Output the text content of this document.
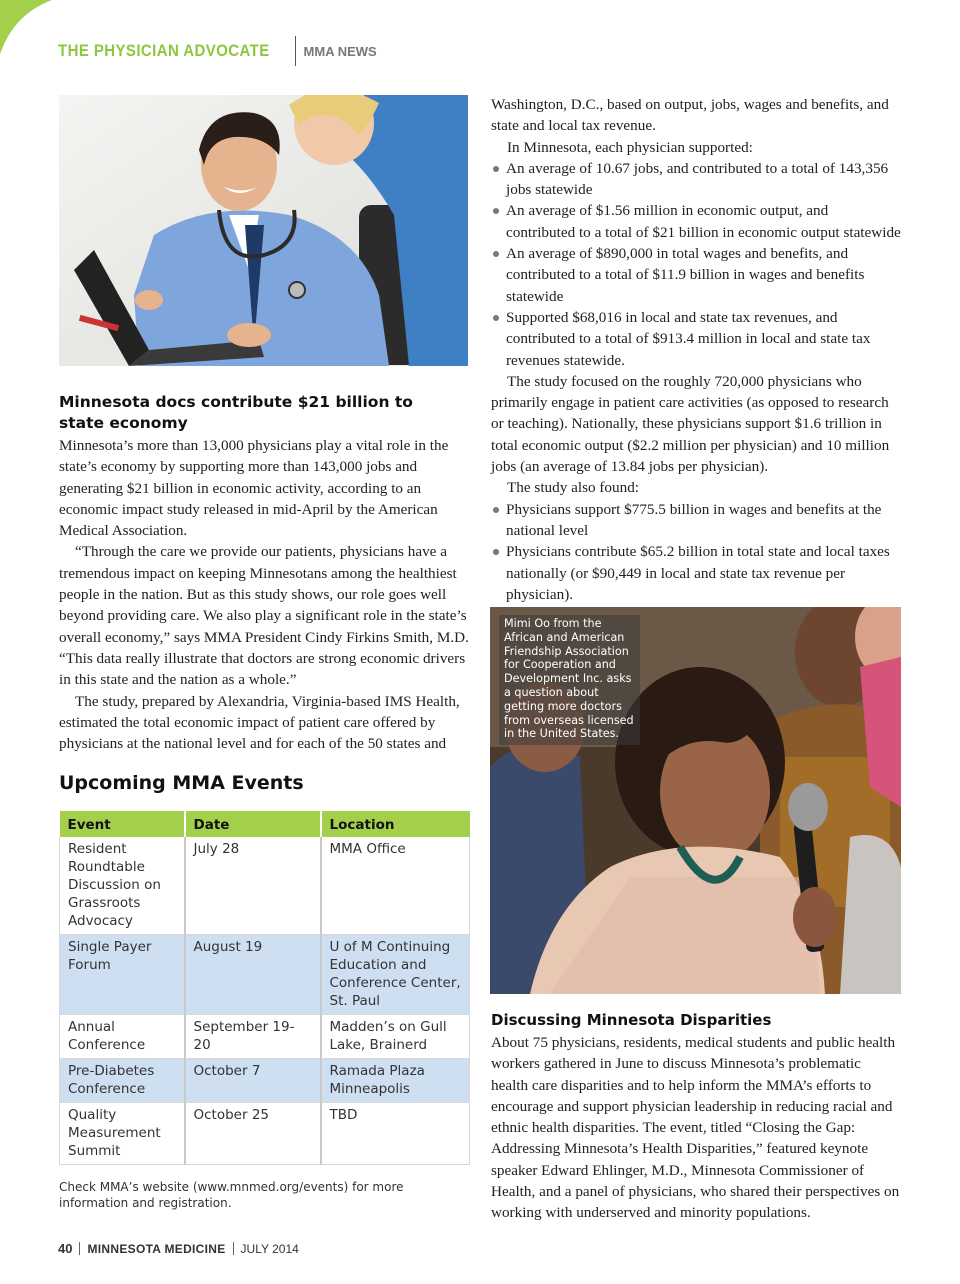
THE PHYSICIAN ADVOCATE	MMA NEWS
Minnesota docs contribute $21 billion to state economy

Minnesota’s more than 13,000 physicians play a vital role in the state’s economy by supporting more than 143,000 jobs and generating $21 billion in economic activity, according to an economic impact study released in mid-April by the American Medical Association.

“Through the care we provide our patients, physicians have a tremendous impact on keeping Minnesotans among the healthiest people in the nation. But as this study shows, our role goes well beyond providing care. We also play a significant role in the state’s overall economy,” says MMA President Cindy Firkins Smith, M.D. “This data really illustrate that doctors are strong economic drivers in this state and the nation as a whole.”

The study, prepared by Alexandria, Virginia-based IMS Health, estimated the total economic impact of patient care offered by physicians at the national level and for each of the 50 states and

Washington, D.C., based on output, jobs, wages and benefits, and state and local tax revenue.

In Minnesota, each physician supported:

An average of 10.67 jobs, and contributed to a total of 143,356 jobs statewide
An average of $1.56 million in economic output, and contributed to a total of $21 billion in economic output statewide
An average of $890,000 in total wages and benefits, and contributed to a total of $11.9 billion in wages and benefits statewide
Supported $68,016 in local and state tax revenues, and contributed to a total of $913.4 million in local and state tax revenues statewide.

The study focused on the roughly 720,000 physicians who primarily engage in patient care activities (as opposed to research or teaching). Nationally, these physicians support $1.6 trillion in total economic output ($2.2 million per physician) and 10 million jobs (an average of 13.84 jobs per physician).

The study also found:

Physicians support $775.5 billion in wages and benefits at the national level
Physicians contribute $65.2 billion in total state and local taxes nationally (or $90,449 in local and state tax revenue per physician).
Upcoming MMA Events
Event	Date	Location
Resident Roundtable Discussion on Grassroots Advocacy	July 28	MMA Office
Single Payer Forum	August 19	U of M Continuing Education and Conference Center, St. Paul
Annual Conference	September 19-20	Madden’s on Gull Lake, Brainerd
Pre-Diabetes Conference	October 7	Ramada Plaza Minneapolis
Quality Measurement Summit	October 25	TBD
Check MMA’s website (www.mnmed.org/events) for more information and registration.
Mimi Oo from the African and American Friendship Association for Cooperation and Development Inc. asks a question about getting more doctors from overseas licensed in the United States.
Discussing Minnesota Disparities

About 75 physicians, residents, medical students and public health workers gathered in June to discuss Minnesota’s problematic health care disparities and to help inform the MMA’s efforts to encourage and support physician leadership in reducing racial and ethnic health disparities. The event, titled “Closing the Gap: Addressing Minnesota’s Health Disparities,” featured keynote speaker Edward Ehlinger, M.D., Minnesota Commissioner of Health, and a panel of physicians, who shared their perspectives on working with underserved and minority populations.

40 MINNESOTA MEDICINE JULY 2014
